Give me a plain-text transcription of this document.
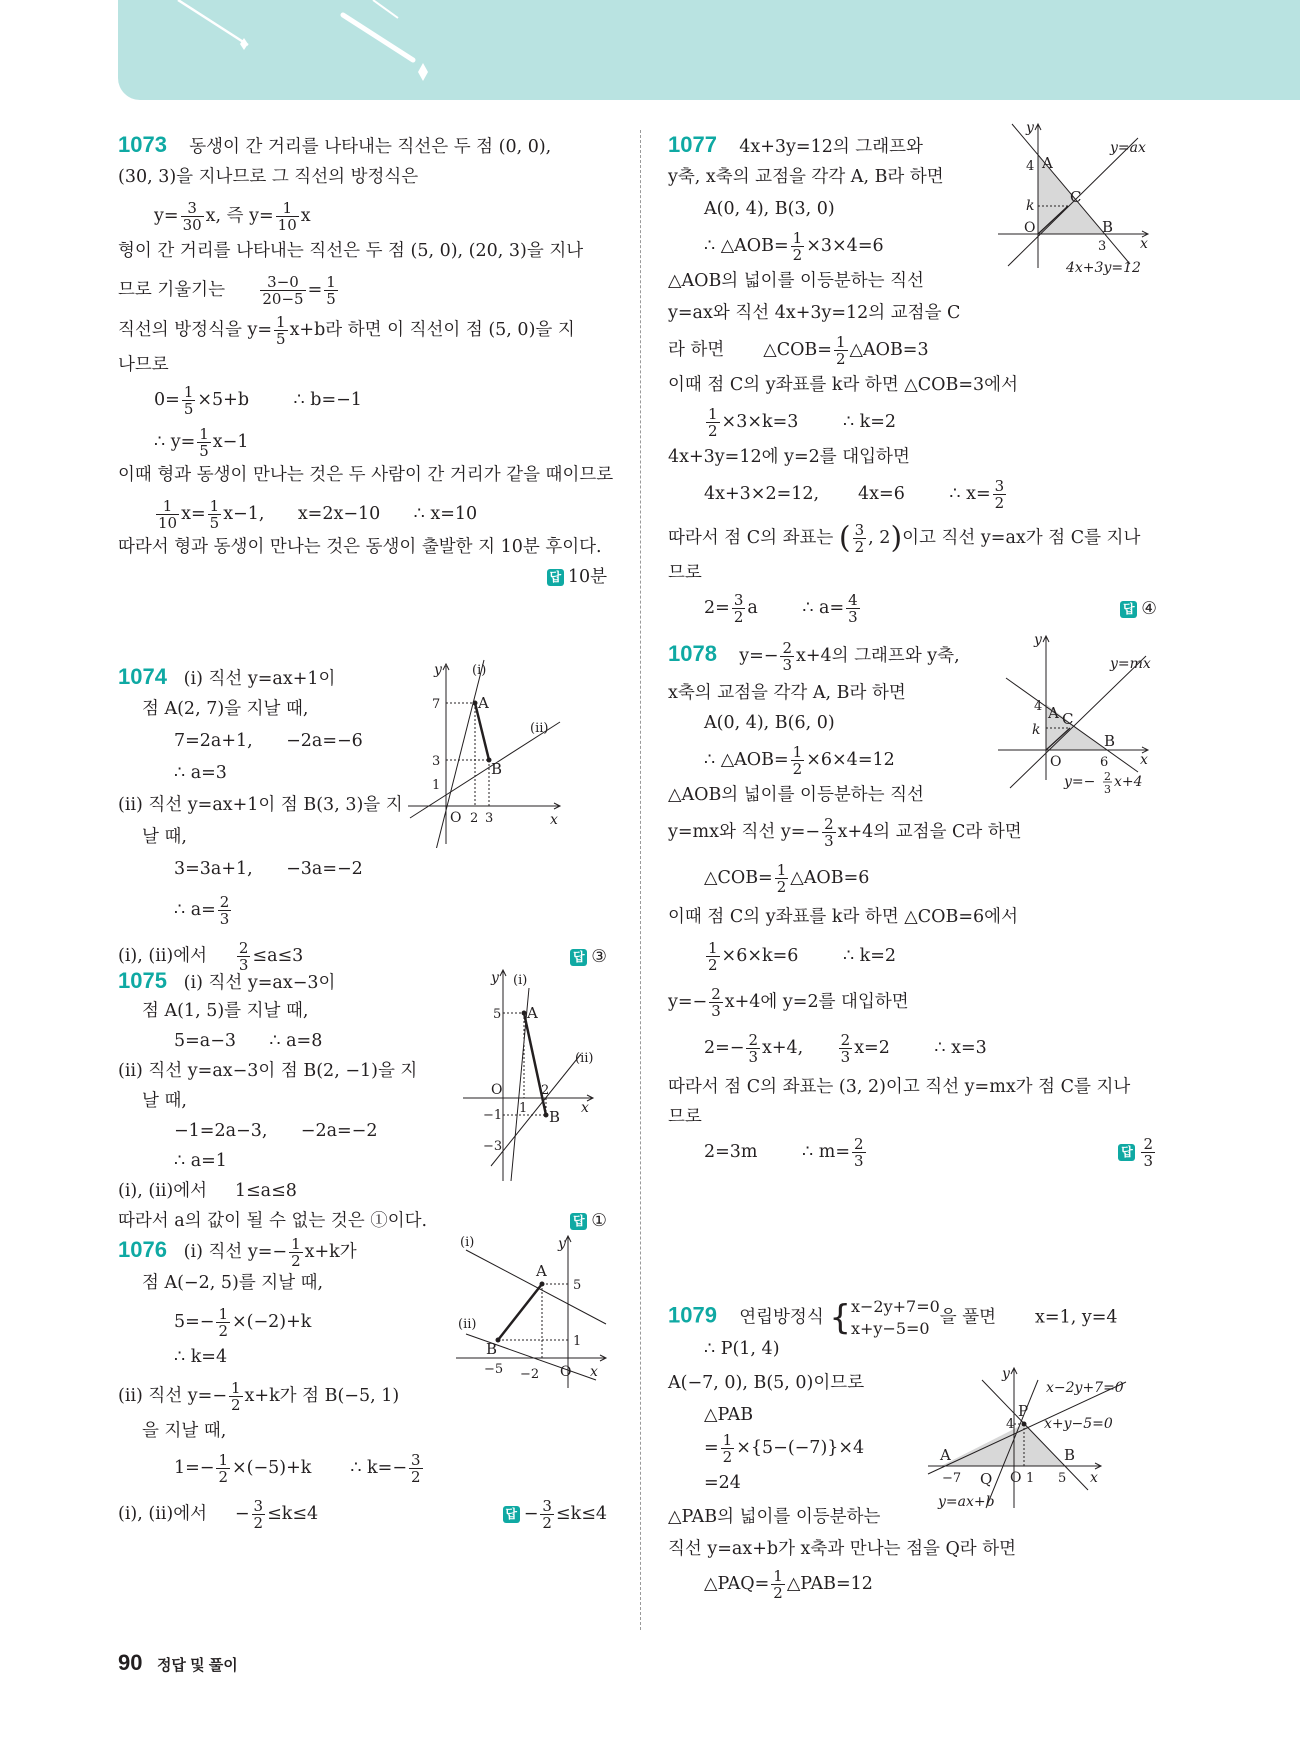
1073 동생이 간 거리를 나타내는 직선은 두 점 (0, 0),
(30, 3)을 지나므로 그 직선의 방정식은
$y= \frac{3}{30} x$, 즉 $y= \frac{1}{10}$ x
형이 간 거리를 나타내는 직선은 두 점 (5, 0), (20, 3)을 지나
므로 기울기는 $\frac{3-0}{20-5} = \frac{1}{5}$
직선의 방정식을 $y= \frac{1}{5} x+b$라 하면 이 직선이 점 (5, 0)을 지
나므로
$0= \frac{1}{5} \times 5+b$	∴ b=−1
∴ $y= \frac{1}{5} x-1$
이때 형과 동생이 만나는 것은 두 사람이 간 거리가 같을 때이므로
$\frac{1}{10} x= \frac{1}{5} x-1$, x=2x−10 ∴ x=10
따라서 형과 동생이 만나는 것은 동생이 출발한 지 10분 후이다.
답 10분
1074 (ⅰ) 직선 y=ax+1이
점 A(2, 7)을 지날 때,
7=2a+1, −2a=−6
∴ a=3
(ⅱ) 직선 y=ax+1이 점 B(3, 3)을 지
날 때,
3=3a+1, −3a=−2
∴ $a= \frac{2}{3}$
(ⅰ), (ⅱ)에서 $\frac{2}{3} \le a\le 3$	답 ③
y
x
O
A
B
(ⅰ)
(ⅱ)
7
3
1
2 3
1075 (ⅰ) 직선 y=ax−3이
점 A(1, 5)를 지날 때,
5=a−3 ∴ a=8
(ⅱ) 직선 y=ax−3이 점 B(2, −1)을 지
날 때,
−1=2a−3, −2a=−2
∴ a=1
(ⅰ), (ⅱ)에서 1≤a≤8
따라서 a의 값이 될 수 없는 것은 ①이다.	답 ①
y
x
O
A
B
(ⅰ)
(ⅱ)
5
−1
−3
1
2
1076 (ⅰ) 직선 $y=- \frac{1}{2} x+k$가
점 A(−2, 5)를 지날 때,
$5=- \frac{1}{2} \times(-2)+k$
∴ k=4
(ⅱ) 직선 $y=- \frac{1}{2} x+k$가 점 B(−5, 1)
을 지날 때,
$1=- \frac{1}{2} \times(-5)+k$ ∴ $k=- \frac{3}{2}$
(ⅰ), (ⅱ)에서 − $\frac{3}{2} \le k\le 4$	답 − $\frac{3}{2} \le k\le 4$
y
x
O
A
B
(ⅰ)
(ⅱ)
5
1
−5 −2
1077 4x+3y=12의 그래프와
y축, x축의 교점을 각각 A, B라 하면
A(0, 4), B(3, 0)
∴ △AOB= $\frac{1}{2} \times 3\times 4=6$
△AOB의 넓이를 이등분하는 직선
y=ax와 직선 4x+3y=12의 교점을 C
라 하면 △COB= $\frac{1}{2}$ △AOB=3
이때 점 C의 y좌표를 k라 하면 △COB=3에서
$\frac{1}{2} \times 3\times k=3$	∴ k=2
4x+3y=12에 y=2를 대입하면
4x+3×2=12, 4x=6	∴ $x= \frac{3}{2}$
따라서 점 C의 좌표는 ( $\frac{3}{2}$ , 2)이고 직선 y=ax가 점 C를 지나
므로
$2= \frac{3}{2}$ a	∴ $a= \frac{4}{3}$	답 ④
y
x
O
A
B
C
k
4
3
y=ax
4x+3y=12
1078 $y=- \frac{2}{3} x+4$의 그래프와 y축,
x축의 교점을 각각 A, B라 하면
A(0, 4), B(6, 0)
∴ △AOB= $\frac{1}{2} \times 6\times 4=12$
△AOB의 넓이를 이등분하는 직선
y=mx와 직선 $y=- \frac{2}{3} x+4$의 교점을 C라 하면
△COB= $\frac{1}{2}$ △AOB=6
이때 점 C의 y좌표를 k라 하면 △COB=6에서
$\frac{1}{2} \times 6\times k=6$	∴ k=2
$y=- \frac{2}{3} x+4$에 y=2를 대입하면
$2=- \frac{2}{3} x+4$, $\frac{2}{3} x=2$	∴ x=3
따라서 점 C의 좌표는 (3, 2)이고 직선 y=mx가 점 C를 지나
므로
2=3m	∴ $m= \frac{2}{3}$	답 $\frac{2}{3}$
y
x
O
A
B
C
k
4
6
y=mx
y=− 2
3 x+4
1079 연립방정식 { x−2y+7=0
x+y−5=0
을 풀면 x=1, y=4
∴ P(1, 4)
A(−7, 0), B(5, 0)이므로
△PAB
= $\frac{1}{2} \times\{5-(-7)\}\times 4$
=24
△PAB의 넓이를 이등분하는
직선 y=ax+b가 x축과 만나는 점을 Q라 하면
△PAQ= $\frac{1}{2}$ △PAB=12
y
x
O
A	B
P
Q
4
−7	1 5
x−2y+7=0
x+y−5=0
y=ax+b
90 정답 및 풀이
